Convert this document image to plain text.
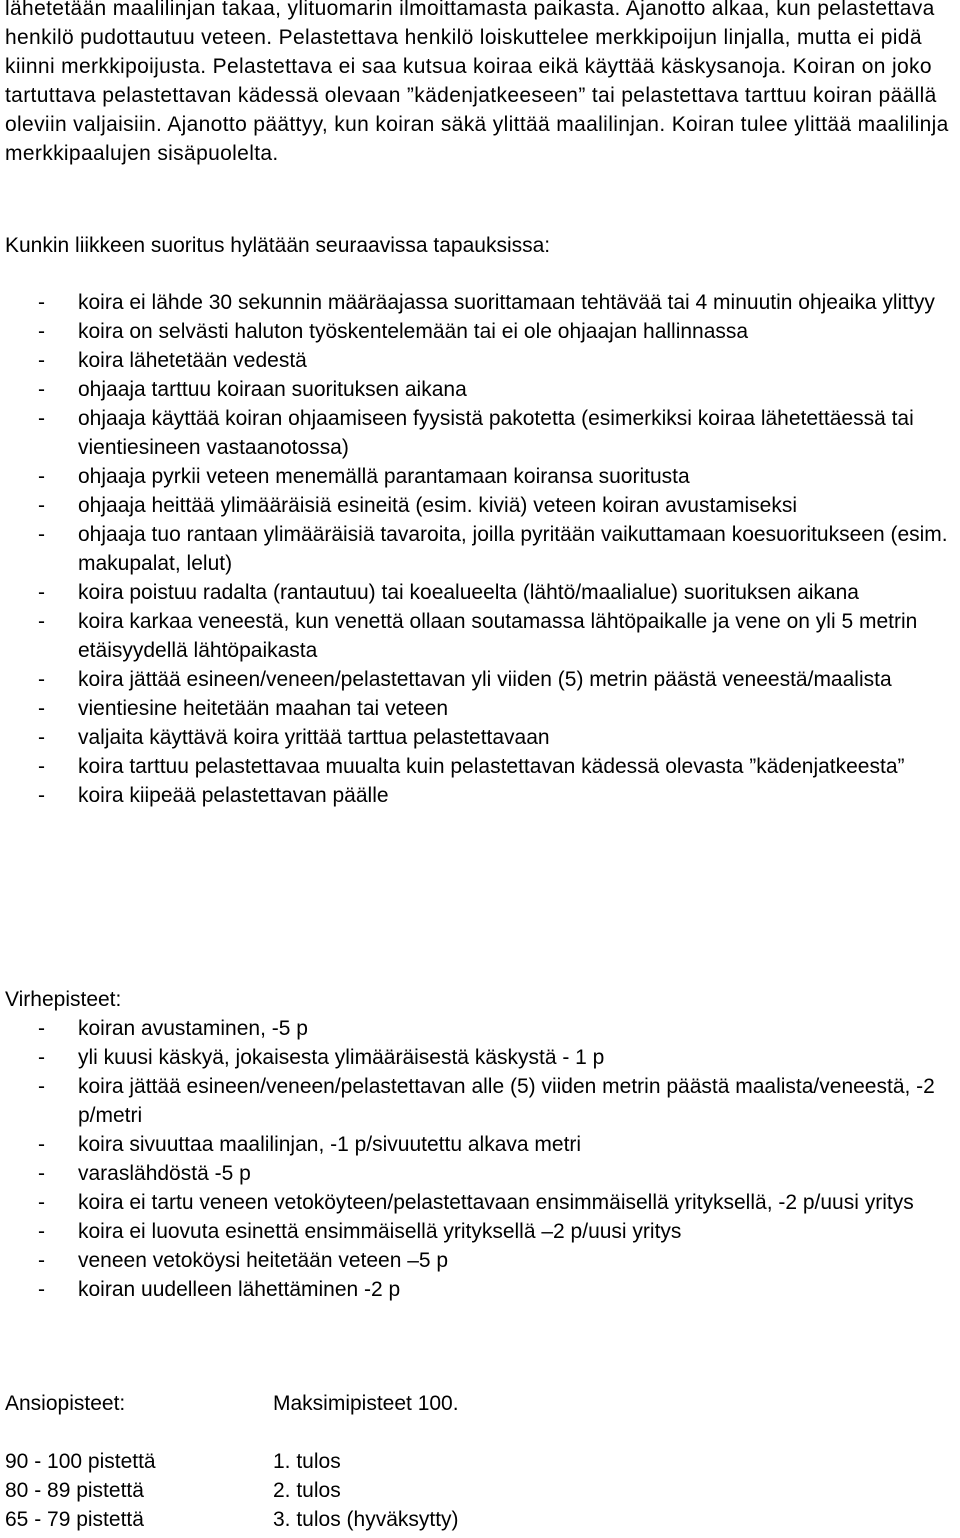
lähetetään maalilinjan takaa, ylituomarin ilmoittamasta paikasta. Ajanotto alkaa, kun pelastettava henkilö pudottautuu veteen. Pelastettava henkilö loiskuttelee merkkipoijun linjalla, mutta ei pidä kiinni merkkipoijusta. Pelastettava ei saa kutsua koiraa eikä käyttää käskysanoja. Koiran on joko tartuttava pelastettavan kädessä olevaan ”kädenjatkeeseen” tai pelastettava tarttuu koiran päällä oleviin valjaisiin. Ajanotto päättyy, kun koiran säkä ylittää maalilinjan. Koiran tulee ylittää maalilinja merkkipaalujen sisäpuolelta.

Kunkin liikkeen suoritus hylätään seuraavissa tapauksissa:
- koira ei lähde 30 sekunnin määräajassa suorittamaan tehtävää tai 4 minuutin ohjeaika ylittyy
- koira on selvästi haluton työskentelemään tai ei ole ohjaajan hallinnassa
- koira lähetetään vedestä
- ohjaaja tarttuu koiraan suorituksen aikana
- ohjaaja käyttää koiran ohjaamiseen fyysistä pakotetta (esimerkiksi koiraa lähetettäessä tai vientiesineen vastaanotossa)
- ohjaaja pyrkii veteen menemällä parantamaan koiransa suoritusta
- ohjaaja heittää ylimääräisiä esineitä (esim. kiviä) veteen koiran avustamiseksi
- ohjaaja tuo rantaan ylimääräisiä tavaroita, joilla pyritään vaikuttamaan koesuoritukseen (esim. makupalat, lelut)
- koira poistuu radalta (rantautuu) tai koealueelta (lähtö/maalialue) suorituksen aikana
- koira karkaa veneestä, kun venettä ollaan soutamassa lähtöpaikalle ja vene on yli 5 metrin etäisyydellä lähtöpaikasta
- koira jättää esineen/veneen/pelastettavan yli viiden (5) metrin päästä veneestä/maalista
- vientiesine heitetään maahan tai veteen
- valjaita käyttävä koira yrittää tarttua pelastettavaan
- koira tarttuu pelastettavaa muualta kuin pelastettavan kädessä olevasta ”kädenjatkeesta”
- koira kiipeää pelastettavan päälle
Virhepisteet:
- koiran avustaminen, -5 p
- yli kuusi käskyä, jokaisesta ylimääräisestä käskystä - 1 p
- koira jättää esineen/veneen/pelastettavan alle (5) viiden metrin päästä maalista/veneestä, -2 p/metri
- koira sivuuttaa maalilinjan, -1 p/sivuutettu alkava metri
- varaslähdöstä -5 p
- koira ei tartu veneen vetoköyteen/pelastettavaan ensimmäisellä yrityksellä, -2 p/uusi yritys
- koira ei luovuta esinettä ensimmäisellä yrityksellä –2 p/uusi yritys
- veneen vetoköysi heitetään veteen –5 p
- koiran uudelleen lähettäminen -2 p
Ansiopisteet:	Maksimipisteet 100.
90 - 100 pistettä	1. tulos
80 - 89 pistettä	2. tulos
65 - 79 pistettä	3. tulos (hyväksytty)
